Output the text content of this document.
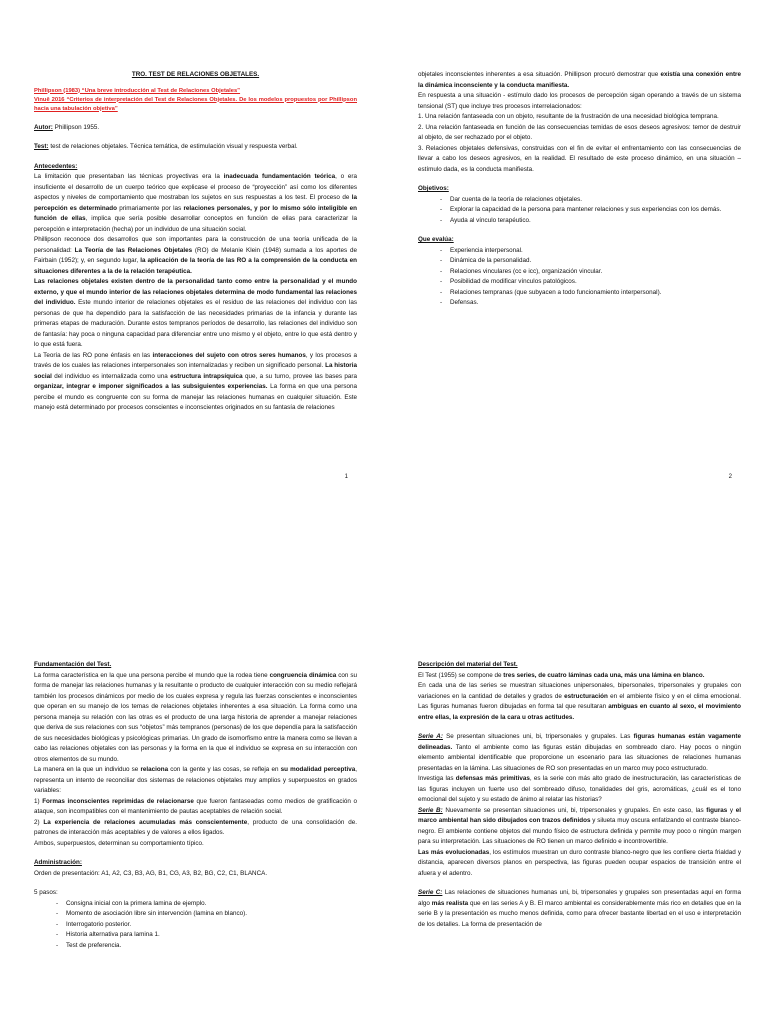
TRO. TEST DE RELACIONES OBJETALES.

Phillipson (1983) “Una breve introducción al Test de Relaciones Objetales”

Vinuê 2016 “Criterios de interpretación del Test de Relaciones Objetales. De los modelos propuestos por Phillipson hacia una tabulación objetiva”

Autor: Phillipson 1955.

Test: test de relaciones objetales. Técnica temática, de estimulación visual y respuesta verbal.

Antecedentes:

La limitación que presentaban las técnicas proyectivas era la inadecuada fundamentación teórica, o era insuficiente el desarrollo de un cuerpo teórico que explicase el proceso de “proyección” así como los diferentes aspectos y niveles de comportamiento que mostraban los sujetos en sus respuestas a los test. El proceso de la percepción es determinado primariamente por las relaciones personales, y por lo mismo sólo inteligible en función de ellas, implica que sería posible desarrollar conceptos en función de ellas para caracterizar la percepción e interpretación (hecha) por un individuo de una situación social.

Phillipson reconoce dos desarrollos que son importantes para la construcción de una teoría unificada de la personalidad: La Teoría de las Relaciones Objetales (RO) de Melanie Klein (1948) sumada a los aportes de Fairbain (1952); y, en segundo lugar, la aplicación de la teoría de las RO a la comprensión de la conducta en situaciones diferentes a la de la relación terapéutica.

Las relaciones objetales existen dentro de la personalidad tanto como entre la personalidad y el mundo externo, y que el mundo interior de las relaciones objetales determina de modo fundamental las relaciones del individuo. Este mundo interior de relaciones objetales es el residuo de las relaciones del individuo con las personas de que ha dependido para la satisfacción de las necesidades primarias de la infancia y durante las primeras etapas de maduración. Durante estos tempranos períodos de desarrollo, las relaciones del individuo son de fantasía: hay poca o ninguna capacidad para diferenciar entre uno mismo y el objeto, entre lo que está dentro y lo que está fuera.

La Teoría de las RO pone énfasis en las interacciones del sujeto con otros seres humanos, y los procesos a través de los cuales las relaciones interpersonales son internalizadas y reciben un significado personal. La historia social del individuo es internalizada como una estructura intrapsíquica que, a su turno, provee las bases para organizar, integrar e imponer significados a las subsiguientes experiencias. La forma en que una persona percibe el mundo es congruente con su forma de manejar las relaciones humanas en cualquier situación. Este manejo está determinado por procesos conscientes e inconscientes originados en su fantasía de relaciones

1

objetales inconscientes inherentes a esa situación. Phillipson procuró demostrar que existía una conexión entre la dinámica inconsciente y la conducta manifiesta.

En respuesta a una situación - estímulo dado los procesos de percepción sigan operando a través de un sistema tensional (ST) que incluye tres procesos interrelacionados:

1. Una relación fantaseada con un objeto, resultante de la frustración de una necesidad biológica temprana.

2. Una relación fantaseada en función de las consecuencias temidas de esos deseos agresivos: temor de destruir al objeto, de ser rechazado por el objeto.

3. Relaciones objetales defensivas, construidas con el fin de evitar el enfrentamiento con las consecuencias de llevar a cabo los deseos agresivos, en la realidad. El resultado de este proceso dinámico, en una situación – estímulo dada, es la conducta manifiesta.

Objetivos:

- Dar cuenta de la teoría de relaciones objetales.
- Explorar la capacidad de la persona para mantener relaciones y sus experiencias con los demás.
- Ayuda al vínculo terapéutico.

Que evalúa:

- Experiencia interpersonal.
- Dinámica de la personalidad.
- Relaciones vinculares (cc e icc), organización vincular.
- Posibilidad de modificar vínculos patológicos.
- Relaciones tempranas (que subyacen a todo funcionamiento interpersonal).
- Defensas.
2

Fundamentación del Test.

La forma característica en la que una persona percibe el mundo que la rodea tiene congruencia dinámica con su forma de manejar las relaciones humanas y la resultante o producto de cualquier interacción con su medio reflejará también los procesos dinámicos por medio de los cuales expresa y regula las fuerzas conscientes e inconscientes que operan en su manejo de los temas de relaciones objetales inherentes a esa situación. La forma como una persona maneja su relación con las otras es el producto de una larga historia de aprender a manejar relaciones que deriva de sus relaciones con sus “objetos” más tempranos (personas) de los que dependía para la satisfacción de sus necesidades biológicas y psicológicas primarias. Un grado de isomorfismo entre la manera como se llevan a cabo las relaciones objetales con las personas y la forma en la que el individuo se expresa en su interacción con otros elementos de su mundo.

La manera en la que un individuo se relaciona con la gente y las cosas, se refleja en su modalidad perceptiva, representa un intento de reconciliar dos sistemas de relaciones objetales muy amplios y superpuestos en grados variables:

1) Formas inconscientes reprimidas de relacionarse que fueron fantaseadas como medios de gratificación o ataque, son incompatibles con el mantenimiento de pautas aceptables de relación social.

2) La experiencia de relaciones acumuladas más conscientemente, producto de una consolidación de. patrones de interacción más aceptables y de valores a ellos ligados.

Ambos, superpuestos, determinan su comportamiento típico.

Administración:

Orden de presentación: A1, A2, C3, B3, AG, B1, CG, A3, B2, BG, C2, C1, BLANCA.

5 pasos:

- Consigna inicial con la primera lamina de ejemplo.
- Momento de asociación libre sin intervención (lamina en blanco).
- Interrogatorio posterior.
- Historia alternativa para lamina 1.
- Test de preferencia.

Descripción del material del Test.

El Test (1955) se compone de tres series, de cuatro láminas cada una, más una lámina en blanco.

En cada una de las series se muestran situaciones unipersonales, bipersonales, tripersonales y grupales con variaciones en la cantidad de detalles y grados de estructuración en el ambiente físico y en el clima emocional. Las figuras humanas fueron dibujadas en forma tal que resultaran ambiguas en cuanto al sexo, el movimiento entre ellas, la expresión de la cara u otras actitudes.

Serie A: Se presentan situaciones uni, bi, tripersonales y grupales. Las figuras humanas están vagamente delineadas. Tanto el ambiente como las figuras están dibujadas en sombreado claro. Hay pocos o ningún elemento ambiental identificable que proporcione un escenario para las situaciones de relaciones humanas presentadas en la lámina. Las situaciones de RO son presentadas en un marco muy poco estructurado.

Investiga las defensas más primitivas, es la serie con más alto grado de inestructuración, las características de las figuras incluyen un fuerte uso del sombreado difuso, tonalidades del gris, acromáticas, ¿cuál es el tono emocional del sujeto y su estado de ánimo al relatar las historias?

Serie B: Nuevamente se presentan situaciones uni, bi, tripersonales y grupales. En este caso, las figuras y el marco ambiental han sido dibujados con trazos definidos y silueta muy oscura enfatizando el contraste blanco-negro. El ambiente contiene objetos del mundo físico de estructura definida y permite muy poco o ningún margen para su interpretación. Las situaciones de RO tienen un marco definido e incontrovertible.

Las más evolucionadas, los estímulos muestran un duro contraste blanco-negro que les confiere cierta frialdad y distancia, aparecen diversos planos en perspectiva, las figuras pueden ocupar espacios de transición entre el afuera y el adentro.

Serie C: Las relaciones de situaciones humanas uni, bi, tripersonales y grupales son presentadas aquí en forma algo más realista que en las series A y B. El marco ambiental es considerablemente más rico en detalles que en la serie B y la presentación es mucho menos definida, como para ofrecer bastante libertad en el uso e interpretación de los detalles. La forma de presentación de
